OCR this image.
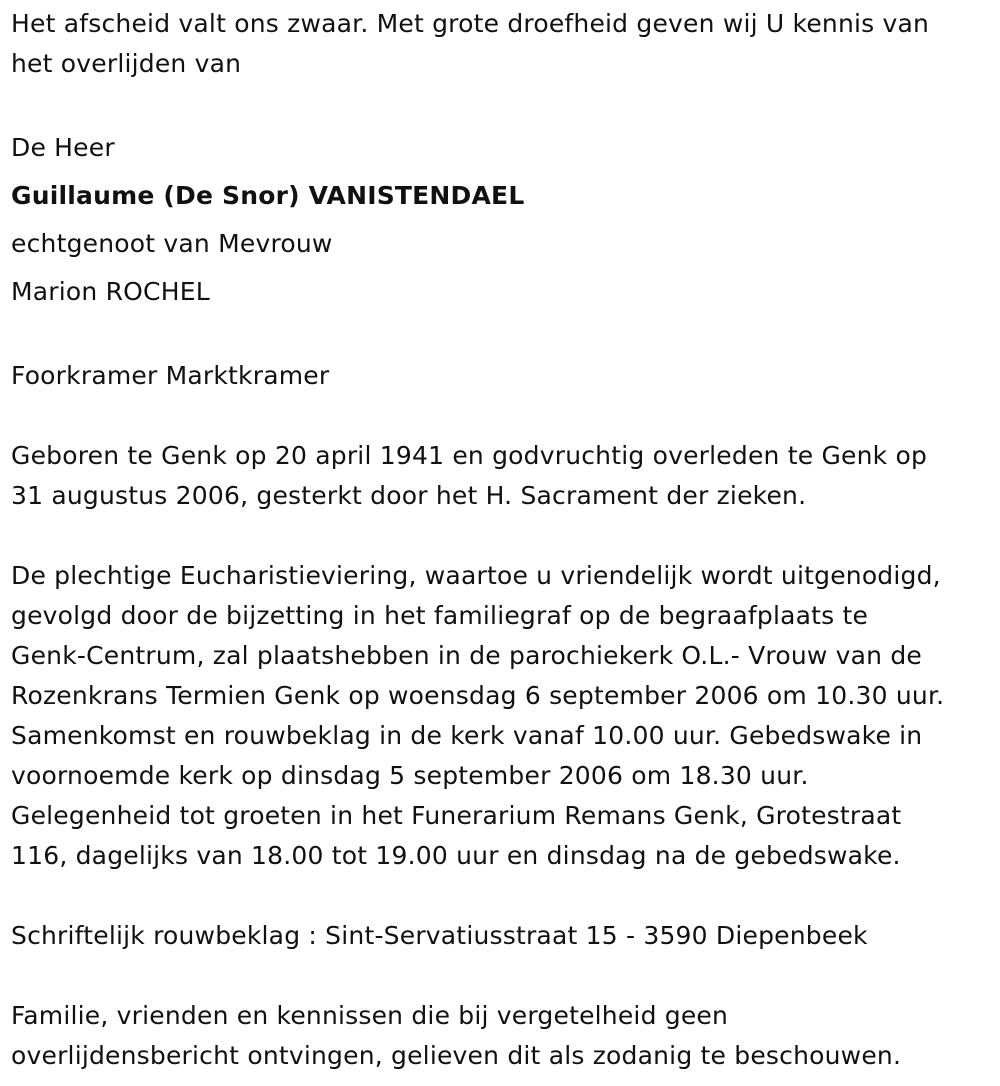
Het afscheid valt ons zwaar. Met grote droefheid geven wij U kennis van
het overlijden van

De Heer

Guillaume (De Snor) VANISTENDAEL

echtgenoot van Mevrouw

Marion ROCHEL

Foorkramer Marktkramer

Geboren te Genk op 20 april 1941 en godvruchtig overleden te Genk op
31 augustus 2006, gesterkt door het H. Sacrament der zieken.

De plechtige Eucharistieviering, waartoe u vriendelijk wordt uitgenodigd,
gevolgd door de bijzetting in het familiegraf op de begraafplaats te
Genk-Centrum, zal plaatshebben in de parochiekerk O.L.- Vrouw van de
Rozenkrans Termien Genk op woensdag 6 september 2006 om 10.30 uur.
Samenkomst en rouwbeklag in de kerk vanaf 10.00 uur. Gebedswake in
voornoemde kerk op dinsdag 5 september 2006 om 18.30 uur.
Gelegenheid tot groeten in het Funerarium Remans Genk, Grotestraat
116, dagelijks van 18.00 tot 19.00 uur en dinsdag na de gebedswake.

Schriftelijk rouwbeklag : Sint-Servatiusstraat 15 - 3590 Diepenbeek

Familie, vrienden en kennissen die bij vergetelheid geen
overlijdensbericht ontvingen, gelieven dit als zodanig te beschouwen.
